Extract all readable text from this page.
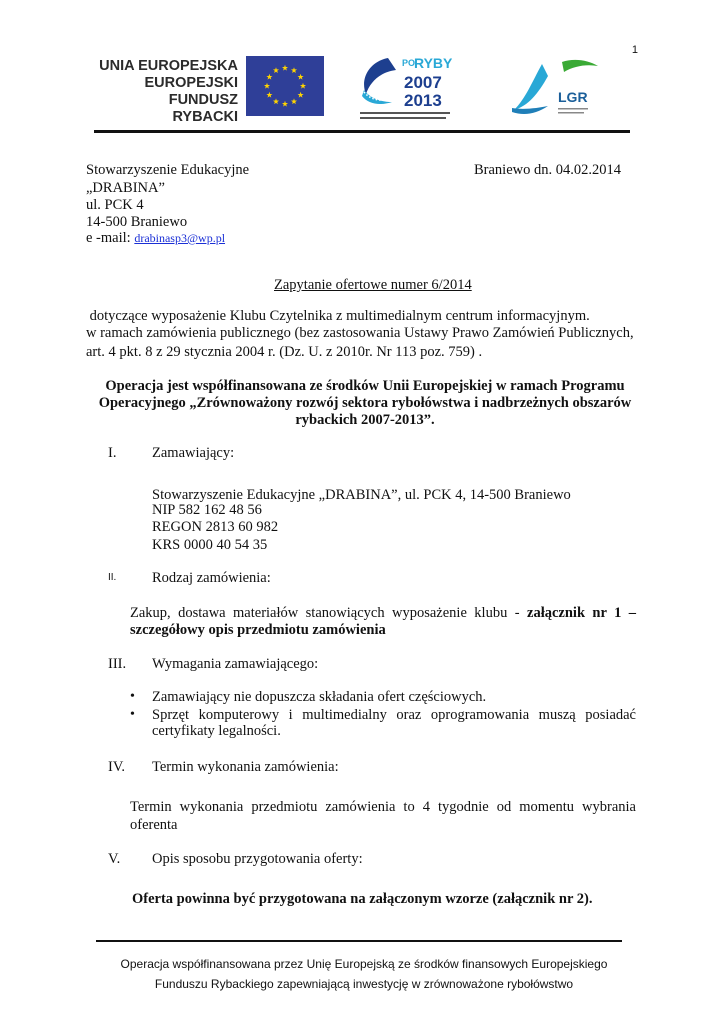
1
UNIA EUROPEJSKA
EUROPEJSKI FUNDUSZ
RYBACKI
PO
RYBY
2007
2013	LGR
Stowarzyszenie Edukacyjne
„DRABINA”
ul. PCK 4
14-500 Braniewo
e -mail: drabinasp3@wp.pl
Braniewo dn. 04.02.2014
Zapytanie ofertowe numer 6/2014
dotyczące wyposażenie Klubu Czytelnika z multimedialnym centrum informacyjnym.
w ramach zamówienia publicznego (bez zastosowania Ustawy Prawo Zamówień Publicznych,
art. 4 pkt. 8 z 29 stycznia 2004 r. (Dz. U. z 2010r. Nr 113 poz. 759) .
Operacja jest współfinansowana ze środków Unii Europejskiej w ramach Programu
Operacyjnego „Zrównoważony rozwój sektora rybołówstwa i nadbrzeżnych obszarów
rybackich 2007-2013”.
I. Zamawiający:
Stowarzyszenie Edukacyjne „DRABINA”, ul. PCK 4, 14-500 Braniewo
NIP 582 162 48 56
REGON 2813 60 982
KRS 0000 40 54 35
II. Rodzaj zamówienia:
Zakup, dostawa materiałów stanowiących wyposażenie klubu - załącznik nr 1 –
szczegółowy opis przedmiotu zamówienia
III. Wymagania zamawiającego:
• Zamawiający nie dopuszcza składania ofert częściowych.
• Sprzęt komputerowy i multimedialny oraz oprogramowania muszą posiadać
certyfikaty legalności.
IV. Termin wykonania zamówienia:
Termin wykonania przedmiotu zamówienia to 4 tygodnie od momentu wybrania
oferenta
V. Opis sposobu przygotowania oferty:
Oferta powinna być przygotowana na załączonym wzorze (załącznik nr 2).
Operacja współfinansowana przez Unię Europejską ze środków finansowych Europejskiego
Funduszu Rybackiego zapewniającą inwestycję w zrównoważone rybołówstwo
